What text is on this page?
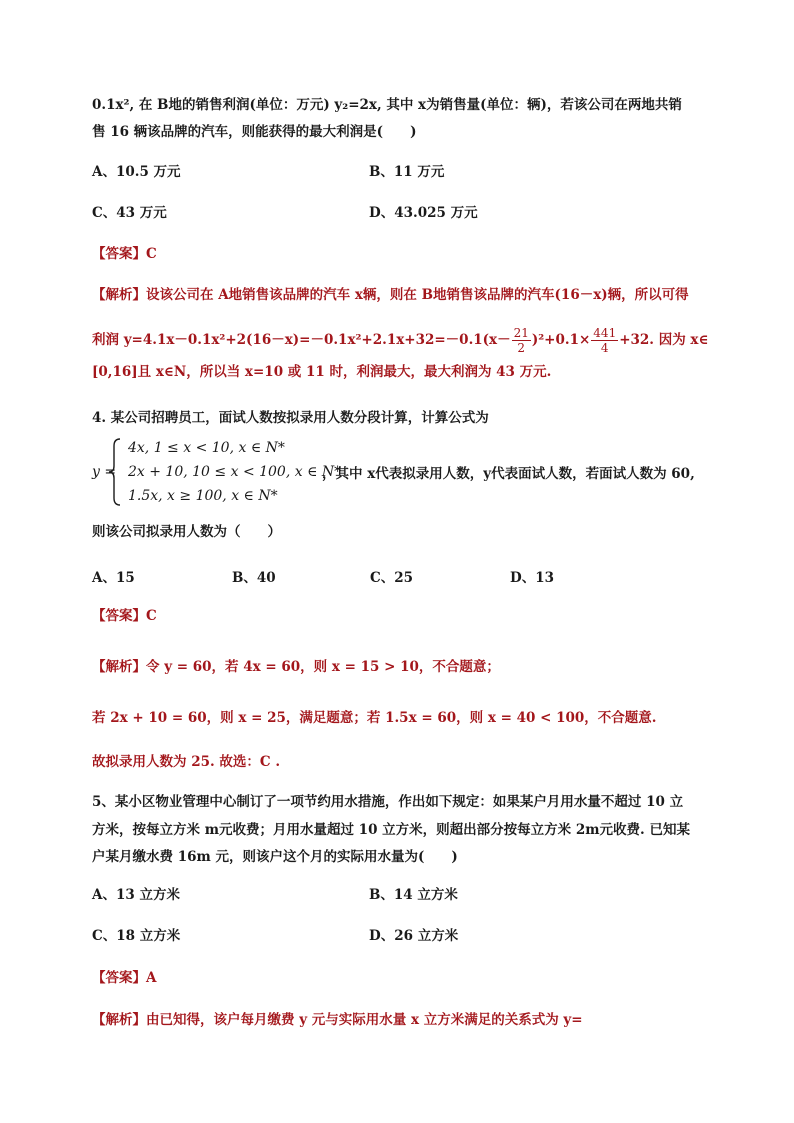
0.1x², 在 B地的销售利润(单位：万元) y₂=2x, 其中 x为销售量(单位：辆)，若该公司在两地共销
售 16 辆该品牌的汽车，则能获得的最大利润是(　　)
A、10.5 万元	B、11 万元
C、43 万元	D、43.025 万元
【答案】C
【解析】设该公司在 A地销售该品牌的汽车 x辆，则在 B地销售该品牌的汽车(16－x)辆，所以可得
利润 $y=4.1x-0.1x^2+2(16-x)=-0.1x^2+2.1x+32=-0.1(x- \frac{21}{2} )^2+0.1\times \frac{441}{4} +32$. 因为 x∈
[0,16]且 x∈N，所以当 x=10 或 11 时，利润最大，最大利润为 43 万元.
4. 某公司招聘员工，面试人数按拟录用人数分段计算，计算公式为
y =
4x, 1 ≤ x < 10, x ∈ N*
2x + 10, 10 ≤ x < 100, x ∈ N*
1.5x, x ≥ 100, x ∈ N*
，其中 x代表拟录用人数，y代表面试人数，若面试人数为 60,
则该公司拟录用人数为（　　）
A、15	B、40	C、25	D、13
【答案】C
【解析】令 y = 60，若 4x = 60，则 x = 15 > 10，不合题意；
若 2x + 10 = 60，则 x = 25，满足题意；若 1.5x = 60，则 x = 40 < 100，不合题意.
故拟录用人数为 25. 故选：C .
5、某小区物业管理中心制订了一项节约用水措施，作出如下规定：如果某户月用水量不超过 10 立
方米，按每立方米 m元收费；月用水量超过 10 立方米，则超出部分按每立方米 2m元收费. 已知某
户某月缴水费 16m 元，则该户这个月的实际用水量为(　　)
A、13 立方米	B、14 立方米
C、18 立方米	D、26 立方米
【答案】A
【解析】由已知得，该户每月缴费 y 元与实际用水量 x 立方米满足的关系式为 y=
